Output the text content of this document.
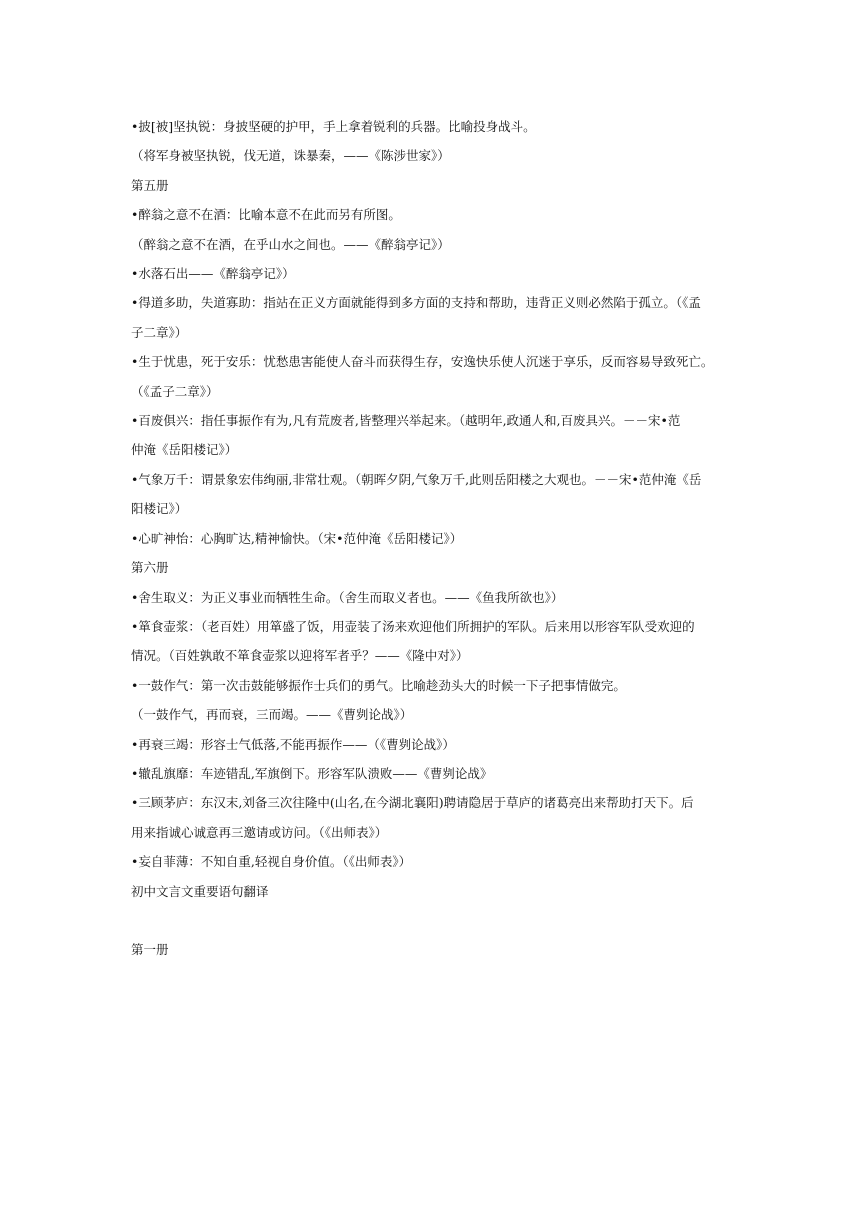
•披[被]坚执锐：身披坚硬的护甲，手上拿着锐利的兵器。比喻投身战斗。

（将军身被坚执锐，伐无道，诛暴秦，——《陈涉世家》）

第五册

•醉翁之意不在酒：比喻本意不在此而另有所图。

（醉翁之意不在酒，在乎山水之间也。——《醉翁亭记》）

•水落石出——《醉翁亭记》）

•得道多助，失道寡助：指站在正义方面就能得到多方面的支持和帮助，违背正义则必然陷于孤立。（《孟

子二章》）

•生于忧患，死于安乐：忧愁患害能使人奋斗而获得生存，安逸快乐使人沉迷于享乐，反而容易导致死亡。

（《孟子二章》）

•百废俱兴：指任事振作有为,凡有荒废者,皆整理兴举起来。（越明年,政通人和,百废具兴。－－宋•范

仲淹《岳阳楼记》）

•气象万千：谓景象宏伟绚丽,非常壮观。（朝晖夕阴,气象万千,此则岳阳楼之大观也。－－宋•范仲淹《岳

阳楼记》）

•心旷神怡：心胸旷达,精神愉快。（宋•范仲淹《岳阳楼记》）

第六册

•舍生取义：为正义事业而牺牲生命。（舍生而取义者也。——《鱼我所欲也》）

•箪食壶浆：（老百姓）用箪盛了饭，用壶装了汤来欢迎他们所拥护的军队。后来用以形容军队受欢迎的

情况。（百姓孰敢不箪食壶浆以迎将军者乎？——《隆中对》）

•一鼓作气：第一次击鼓能够振作士兵们的勇气。比喻趁劲头大的时候一下子把事情做完。

（一鼓作气，再而衰，三而竭。——《曹刿论战》）

•再衰三竭：形容士气低落,不能再振作——（《曹刿论战》）

•辙乱旗靡：车迹错乱,军旗倒下。形容军队溃败——《曹刿论战》

•三顾茅庐：东汉末,刘备三次往隆中(山名,在今湖北襄阳)聘请隐居于草庐的诸葛亮出来帮助打天下。后

用来指诚心诚意再三邀请或访问。（《出师表》）

•妄自菲薄：不知自重,轻视自身价值。（《出师表》）

初中文言文重要语句翻译

第一册
